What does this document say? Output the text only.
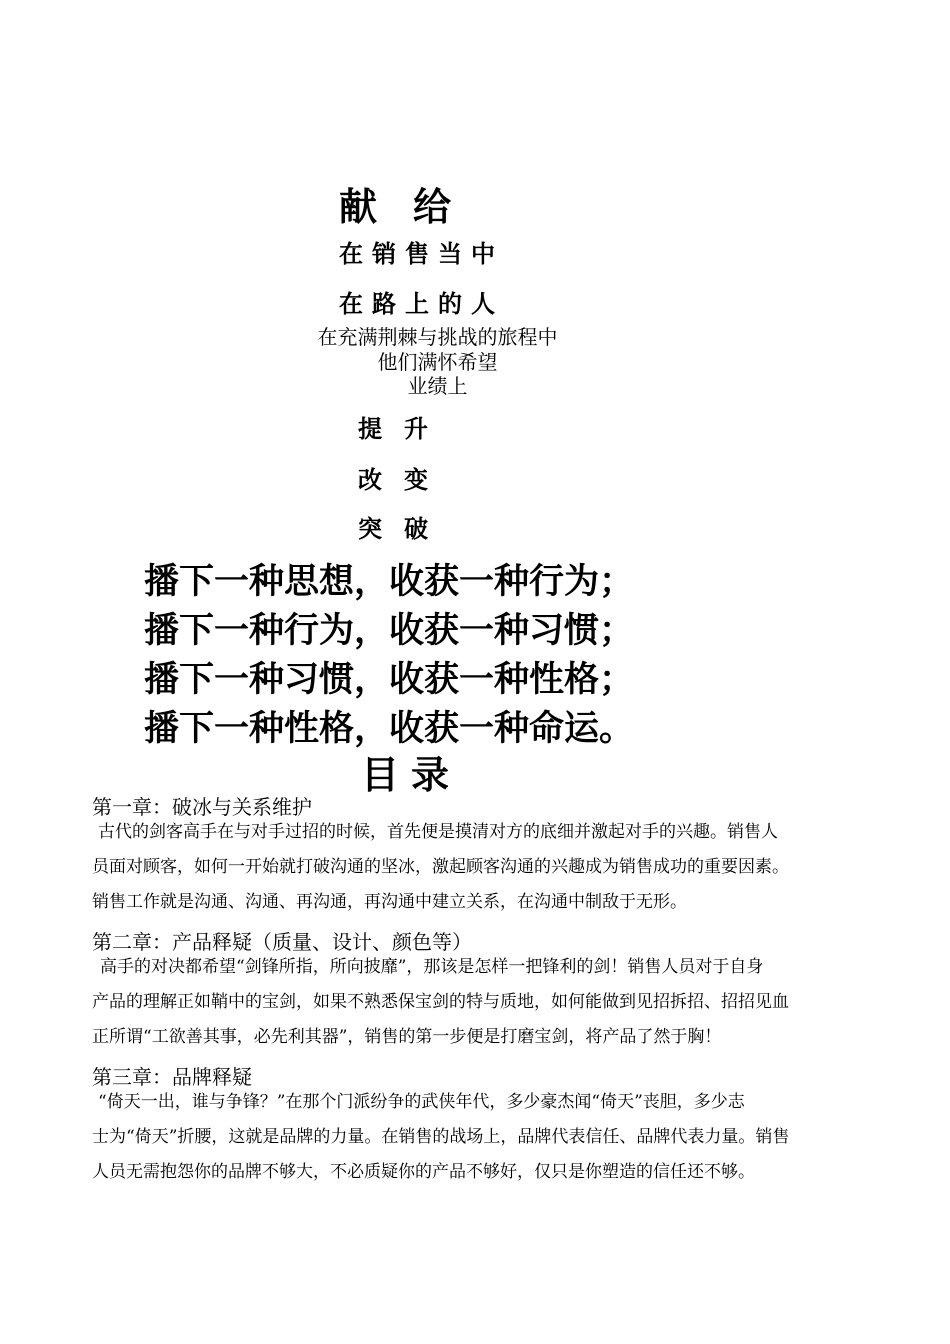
献给
在销售当中
在路上的人
在充满荆棘与挑战的旅程中
他们满怀希望
业绩上
提升
改变
突破
播下一种思想，收获一种行为；
播下一种行为，收获一种习惯；
播下一种习惯，收获一种性格；
播下一种性格，收获一种命运。
目录
第一章：破冰与关系维护
古代的剑客高手在与对手过招的时候，首先便是摸清对方的底细并激起对手的兴趣。销售人
员面对顾客，如何一开始就打破沟通的坚冰，激起顾客沟通的兴趣成为销售成功的重要因素。
销售工作就是沟通、沟通、再沟通，再沟通中建立关系，在沟通中制敌于无形。
第二章：产品释疑（质量、设计、颜色等）
高手的对决都希望“剑锋所指，所向披靡”，那该是怎样一把锋利的剑！销售人员对于自身
产品的理解正如鞘中的宝剑，如果不熟悉保宝剑的特与质地，如何能做到见招拆招、招招见血
正所谓“工欲善其事，必先利其器”，销售的第一步便是打磨宝剑，将产品了然于胸！
第三章：品牌释疑
“倚天一出，谁与争锋？”在那个门派纷争的武侠年代，多少豪杰闻“倚天”丧胆，多少志
士为“倚天”折腰，这就是品牌的力量。在销售的战场上，品牌代表信任、品牌代表力量。销售
人员无需抱怨你的品牌不够大，不必质疑你的产品不够好，仅只是你塑造的信任还不够。
